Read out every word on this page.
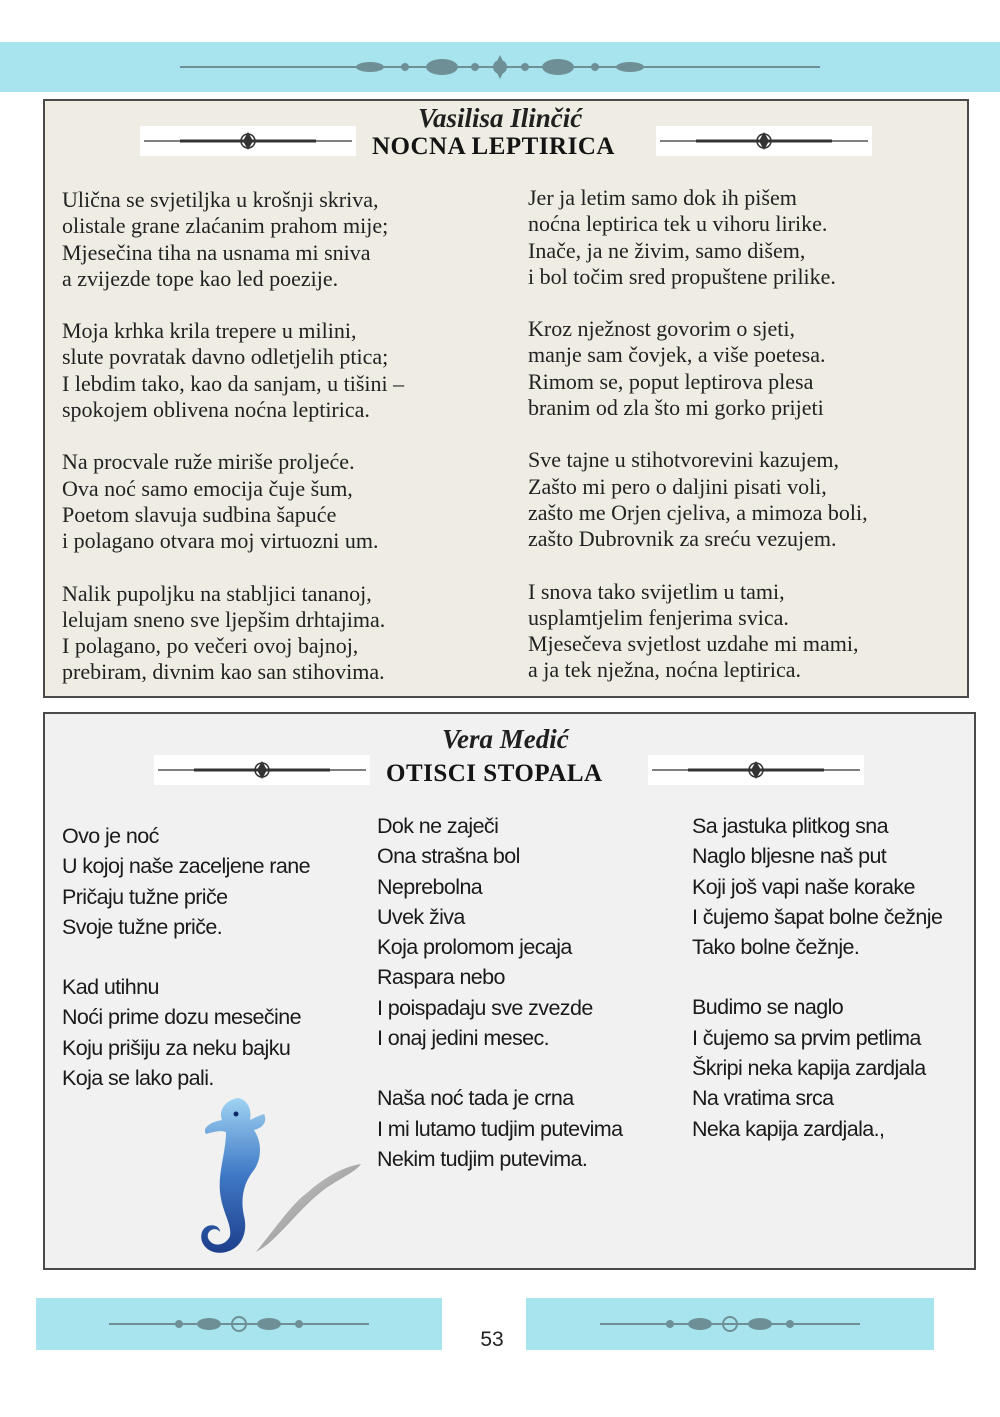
Vasilisa Ilinčić
NOCNA LEPTIRICA

Ulična se svjetiljka u krošnji skriva,

olistale grane zlaćanim prahom mije;

Mjesečina tiha na usnama mi sniva

a zvijezde tope kao led poezije.

Moja krhka krila trepere u milini,

slute povratak davno odletjelih ptica;

I lebdim tako, kao da sanjam, u tišini –

spokojem oblivena noćna leptirica.

Na procvale ruže miriše proljeće.

Ova noć samo emocija čuje šum,

Poetom slavuja sudbina šapuće

i polagano otvara moj virtuozni um.

Nalik pupoljku na stabljici tananoj,

lelujam sneno sve ljepšim drhtajima.

I polagano, po večeri ovoj bajnoj,

prebiram, divnim kao san stihovima.

Jer ja letim samo dok ih pišem

noćna leptirica tek u vihoru lirike.

Inače, ja ne živim, samo dišem,

i bol točim sred propuštene prilike.

Kroz nježnost govorim o sjeti,

manje sam čovjek, a više poetesa.

Rimom se, poput leptirova plesa

branim od zla što mi gorko prijeti

Sve tajne u stihotvorevini kazujem,

Zašto mi pero o daljini pisati voli,

zašto me Orjen cjeliva, a mimoza boli,

zašto Dubrovnik za sreću vezujem.

I snova tako svijetlim u tami,

usplamtjelim fenjerima svica.

Mjesečeva svjetlost uzdahe mi mami,

a ja tek nježna, noćna leptirica.

Vera Medić
OTISCI STOPALA

Ovo je noć

U kojoj naše zaceljene rane

Pričaju tužne priče

Svoje tužne priče.

Kad utihnu

Noći prime dozu mesečine

Koju prišiju za neku bajku

Koja se lako pali.

Dok ne zaječi

Ona strašna bol

Neprebolna

Uvek živa

Koja prolomom jecaja

Raspara nebo

I poispadaju sve zvezde

I onaj jedini mesec.

Naša noć tada je crna

I mi lutamo tudjim putevima

Nekim tudjim putevima.

Sa jastuka plitkog sna

Naglo bljesne naš put

Koji još vapi naše korake

I čujemo šapat bolne čežnje

Tako bolne čežnje.

Budimo se naglo

I čujemo sa prvim petlima

Škripi neka kapija zardjala

Na vratima srca

Neka kapija zardjala.,

53
